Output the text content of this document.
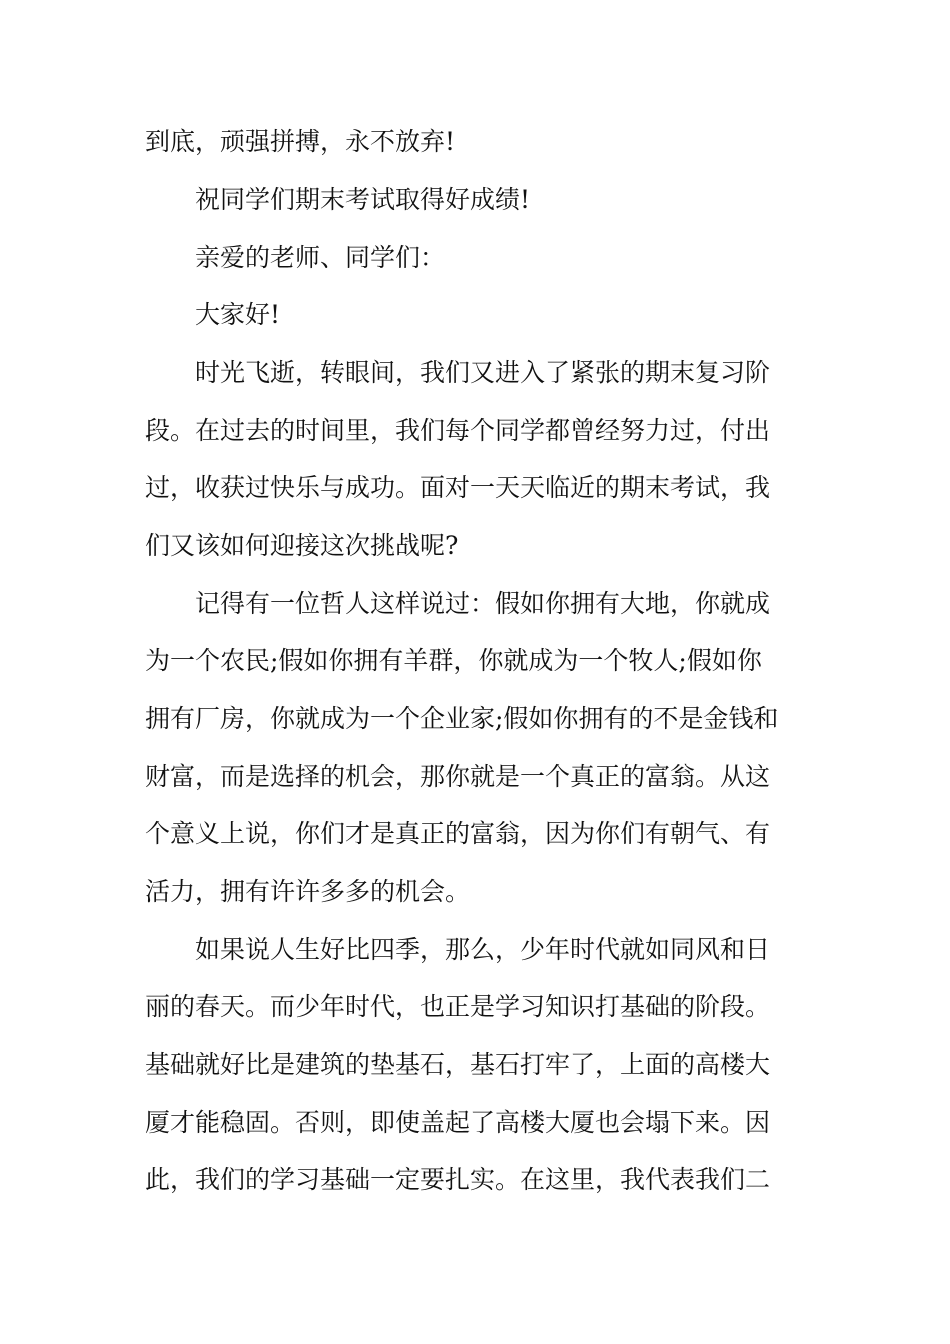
到底，顽强拼搏，永不放弃!
祝同学们期末考试取得好成绩!
亲爱的老师、同学们：
大家好!
时光飞逝，转眼间，我们又进入了紧张的期末复习阶
段。在过去的时间里，我们每个同学都曾经努力过，付出
过，收获过快乐与成功。面对一天天临近的期末考试，我
们又该如何迎接这次挑战呢?
记得有一位哲人这样说过：假如你拥有大地，你就成
为一个农民;假如你拥有羊群，你就成为一个牧人;假如你
拥有厂房，你就成为一个企业家;假如你拥有的不是金钱和
财富，而是选择的机会，那你就是一个真正的富翁。从这
个意义上说，你们才是真正的富翁，因为你们有朝气、有
活力，拥有许许多多的机会。
如果说人生好比四季，那么，少年时代就如同风和日
丽的春天。而少年时代，也正是学习知识打基础的阶段。
基础就好比是建筑的垫基石，基石打牢了，上面的高楼大
厦才能稳固。否则，即使盖起了高楼大厦也会塌下来。因
此，我们的学习基础一定要扎实。在这里，我代表我们二
